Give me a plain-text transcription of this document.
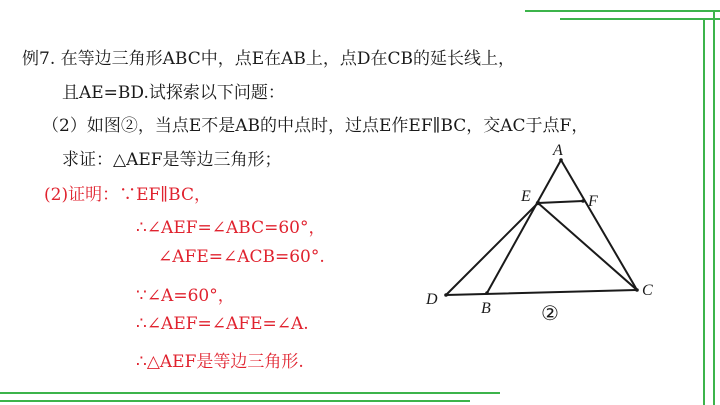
例7. 在等边三角形ABC中，点E在AB上，点D在CB的延长线上，
且AE=BD.试探索以下问题：
（2）如图②，当点E不是AB的中点时，过点E作EF∥BC，交AC于点F，
求证：△AEF是等边三角形；
(2)证明：∵EF∥BC，
∴∠AEF=∠ABC=60°，
∠AFE=∠ACB=60°.
∵∠A=60°，
∴∠AEF=∠AFE=∠A.
∴△AEF是等边三角形.
A
E	F
D
B
C
②
